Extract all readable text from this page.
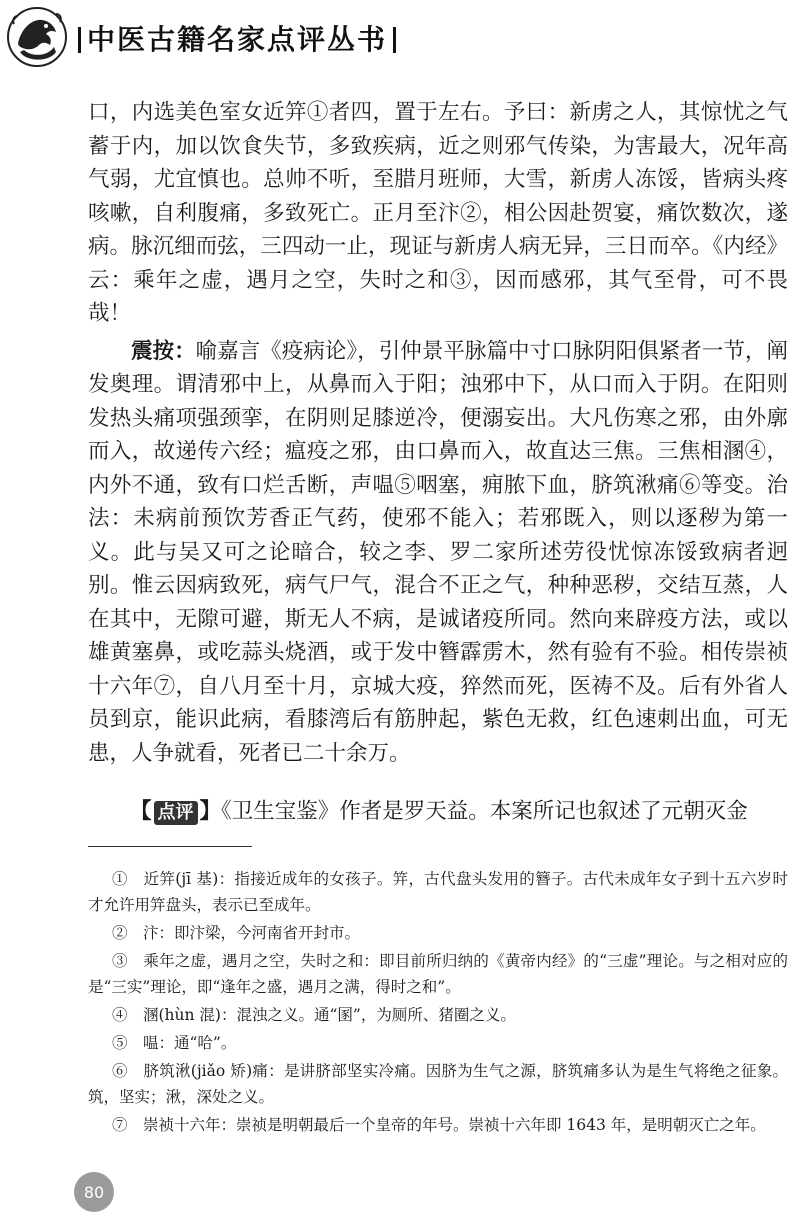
中医古籍名家点评丛书

口，内选美色室女近笄①者四，置于左右。予曰：新虏之人，其惊忧之气蓄于内，加以饮食失节，多致疾病，近之则邪气传染，为害最大，况年高气弱，尤宜慎也。总帅不听，至腊月班师，大雪，新虏人冻馁，皆病头疼咳嗽，自利腹痛，多致死亡。正月至汴②，相公因赴贺宴，痛饮数次，遂病。脉沉细而弦，三四动一止，现证与新虏人病无异，三日而卒。《内经》云：乘年之虚，遇月之空，失时之和③，因而感邪，其气至骨，可不畏哉！

震按：喻嘉言《疫病论》，引仲景平脉篇中寸口脉阴阳俱紧者一节，阐发奥理。谓清邪中上，从鼻而入于阳；浊邪中下，从口而入于阴。在阳则发热头痛项强颈挛，在阴则足膝逆冷，便溺妄出。大凡伤寒之邪，由外廓而入，故递传六经；瘟疫之邪，由口鼻而入，故直达三焦。三焦相溷④，内外不通，致有口烂舌断，声嗢⑤咽塞，痈脓下血，脐筑湫痛⑥等变。治法：未病前预饮芳香正气药，使邪不能入；若邪既入，则以逐秽为第一义。此与吴又可之论暗合，较之李、罗二家所述劳役忧惊冻馁致病者迥别。惟云因病致死，病气尸气，混合不正之气，种种恶秽，交结互蒸，人在其中，无隙可避，斯无人不病，是诚诸疫所同。然向来辟疫方法，或以雄黄塞鼻，或吃蒜头烧酒，或于发中簪霹雳木，然有验有不验。相传崇祯十六年⑦，自八月至十月，京城大疫，猝然而死，医祷不及。后有外省人员到京，能识此病，看膝湾后有筋肿起，紫色无救，红色速刺出血，可无患，人争就看，死者已二十余万。

【 点评 】《卫生宝鉴》作者是罗天益。本案所记也叙述了元朝灭金

①　近笄(jī 基)：指接近成年的女孩子。笄，古代盘头发用的簪子。古代未成年女子到十五六岁时才允许用笄盘头，表示已至成年。

②　汴：即汴梁，今河南省开封市。

③　乘年之虚，遇月之空，失时之和：即目前所归纳的《黄帝内经》的“三虚”理论。与之相对应的是“三实”理论，即“逢年之盛，遇月之满，得时之和”。

④　溷(hùn 混)：混浊之义。通“圂”，为厕所、猪圈之义。

⑤　嗢：通“哈”。

⑥　脐筑湫(jiǎo 矫)痛：是讲脐部坚实冷痛。因脐为生气之源，脐筑痛多认为是生气将绝之征象。筑，坚实；湫，深处之义。

⑦　崇祯十六年：崇祯是明朝最后一个皇帝的年号。崇祯十六年即 1643 年，是明朝灭亡之年。

80
